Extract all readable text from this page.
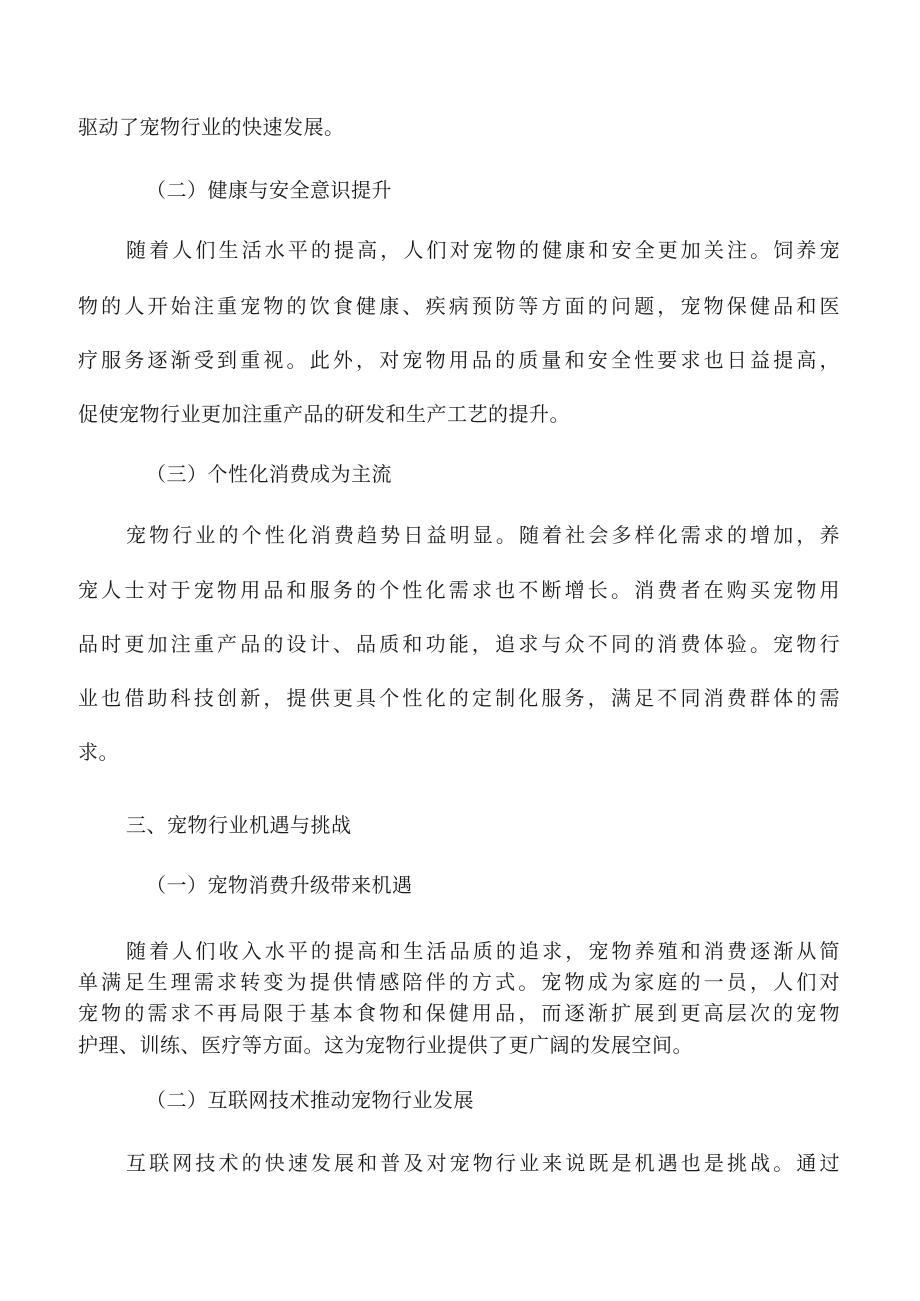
驱动了宠物行业的快速发展。
（二）健康与安全意识提升
随着人们生活水平的提高，人们对宠物的健康和安全更加关注。饲养宠
物的人开始注重宠物的饮食健康、疾病预防等方面的问题，宠物保健品和医
疗服务逐渐受到重视。此外，对宠物用品的质量和安全性要求也日益提高，
促使宠物行业更加注重产品的研发和生产工艺的提升。
（三）个性化消费成为主流
宠物行业的个性化消费趋势日益明显。随着社会多样化需求的增加，养
宠人士对于宠物用品和服务的个性化需求也不断增长。消费者在购买宠物用
品时更加注重产品的设计、品质和功能，追求与众不同的消费体验。宠物行
业也借助科技创新，提供更具个性化的定制化服务，满足不同消费群体的需
求。
三、宠物行业机遇与挑战
（一）宠物消费升级带来机遇
随着人们收入水平的提高和生活品质的追求，宠物养殖和消费逐渐从简
单满足生理需求转变为提供情感陪伴的方式。宠物成为家庭的一员，人们对
宠物的需求不再局限于基本食物和保健用品，而逐渐扩展到更高层次的宠物
护理、训练、医疗等方面。这为宠物行业提供了更广阔的发展空间。
（二）互联网技术推动宠物行业发展
互联网技术的快速发展和普及对宠物行业来说既是机遇也是挑战。通过
